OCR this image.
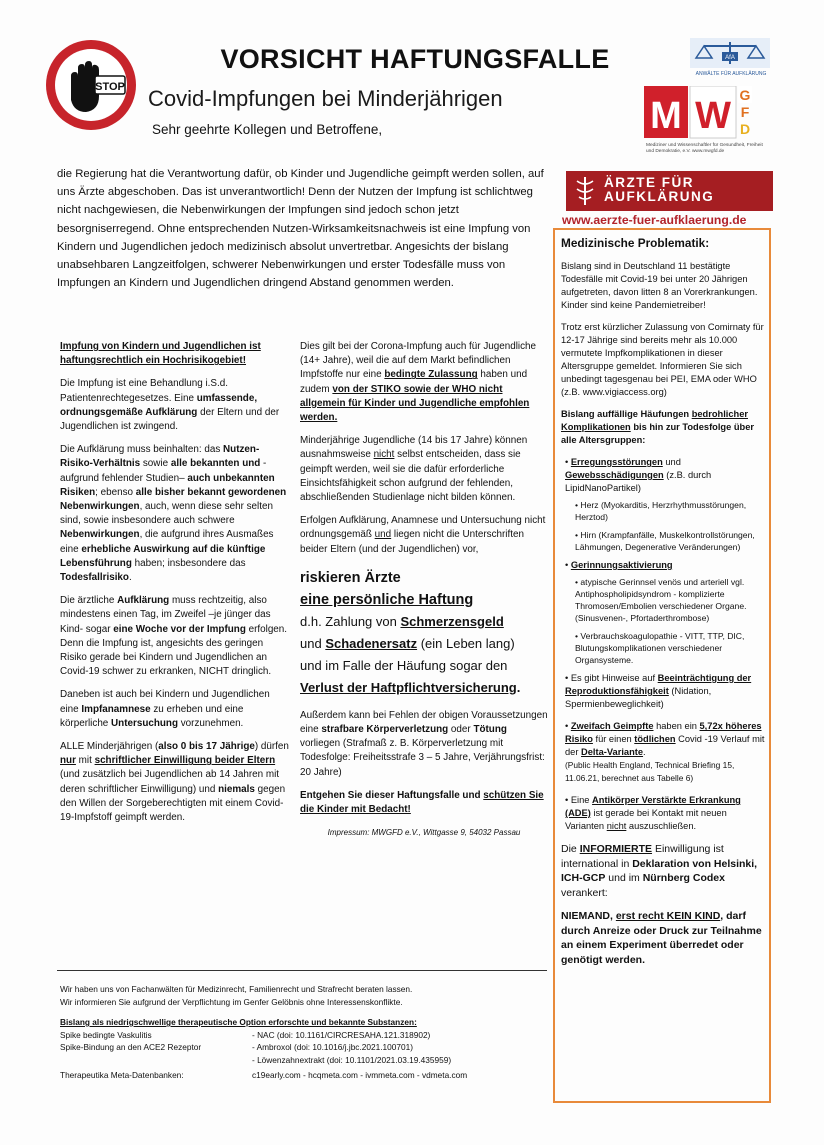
STOP
VORSICHT HAFTUNGSFALLE
Covid-Impfungen bei Minderjährigen
Sehr geehrte Kollegen und Betroffene,
AfA
ANWÄLTE FÜR AUFKLÄRUNG
M W G
F
D
Mediziner und Wissenschaftler für Gesundheit, Freiheit und Demokratie, e.V. www.mwgfd.de
ÄRZTE FÜR
AUFKLÄRUNG
www.aerzte-fuer-aufklaerung.de
die Regierung hat die Verantwortung dafür, ob Kinder und Jugendliche geimpft werden sollen, auf uns Ärzte abgeschoben. Das ist unverantwortlich! Denn der Nutzen der Impfung ist schlichtweg nicht nachgewiesen, die Nebenwirkungen der Impfungen sind jedoch schon jetzt besorgniserregend. Ohne entsprechenden Nutzen-Wirksamkeitsnachweis ist eine Impfung von Kindern und Jugendlichen jedoch medizinisch absolut unvertretbar. Angesichts der bislang unabsehbaren Langzeitfolgen, schwerer Nebenwirkungen und erster Todesfälle muss von Impfungen an Kindern und Jugendlichen dringend Abstand genommen werden.

Impfung von Kindern und Jugendlichen ist haftungsrechtlich ein Hochrisikogebiet!

Die Impfung ist eine Behandlung i.S.d. Patientenrechtegesetzes. Eine umfassende, ordnungsgemäße Aufklärung der Eltern und der Jugendlichen ist zwingend.

Die Aufklärung muss beinhalten: das Nutzen-Risiko-Verhältnis sowie alle bekannten und - aufgrund fehlender Studien– auch unbekannten Risiken; ebenso alle bisher bekannt gewordenen Nebenwirkungen, auch, wenn diese sehr selten sind, sowie insbesondere auch schwere Nebenwirkungen, die aufgrund ihres Ausmaßes eine erhebliche Auswirkung auf die künftige Lebensführung haben; insbesondere das Todesfallrisiko.

Die ärztliche Aufklärung muss rechtzeitig, also mindestens einen Tag, im Zweifel –je jünger das Kind- sogar eine Woche vor der Impfung erfolgen. Denn die Impfung ist, angesichts des geringen Risiko gerade bei Kindern und Jugendlichen an Covid-19 schwer zu erkranken, NICHT dringlich.

Daneben ist auch bei Kindern und Jugendlichen eine Impfanamnese zu erheben und eine körperliche Untersuchung vorzunehmen.

ALLE Minderjährigen (also 0 bis 17 Jährige) dürfen nur mit schriftlicher Einwilligung beider Eltern (und zusätzlich bei Jugendlichen ab 14 Jahren mit deren schriftlicher Einwilligung) und niemals gegen den Willen der Sorgeberechtigten mit einem Covid-19-Impfstoff geimpft werden.

Dies gilt bei der Corona-Impfung auch für Jugendliche (14+ Jahre), weil die auf dem Markt befindlichen Impfstoffe nur eine bedingte Zulassung haben und zudem von der STIKO sowie der WHO nicht allgemein für Kinder und Jugendliche empfohlen werden.

Minderjährige Jugendliche (14 bis 17 Jahre) können ausnahmsweise nicht selbst entscheiden, dass sie geimpft werden, weil sie die dafür erforderliche Einsichtsfähigkeit schon aufgrund der fehlenden, abschließenden Studienlage nicht bilden können.

Erfolgen Aufklärung, Anamnese und Untersuchung nicht ordnungsgemäß und liegen nicht die Unterschriften beider Eltern (und der Jugendlichen) vor,

riskieren Ärzte
eine persönliche Haftung
d.h. Zahlung von Schmerzensgeld
und Schadenersatz (ein Leben lang)
und im Falle der Häufung sogar den
Verlust der Haftpflichtversicherung.

Außerdem kann bei Fehlen der obigen Voraussetzungen eine strafbare Körperverletzung oder Tötung vorliegen (Strafmaß z. B. Körperverletzung mit Todesfolge: Freiheitsstrafe 3 – 5 Jahre, Verjährungsfrist: 20 Jahre)

Entgehen Sie dieser Haftungsfalle und schützen Sie die Kinder mit Bedacht!

Impressum: MWGFD e.V., Wittgasse 9, 54032 Passau
Wir haben uns von Fachanwälten für Medizinrecht, Familienrecht und Strafrecht beraten lassen.
Wir informieren Sie aufgrund der Verpflichtung im Genfer Gelöbnis ohne Interessenskonflikte.
Bislang als niedrigschwellige therapeutische Option erforschte und bekannte Substanzen:
Spike bedingte Vaskulitis	- NAC (doi: 10.1161/CIRCRESAHA.121.318902)
Spike-Bindung an den ACE2 Rezeptor	- Ambroxol (doi: 10.1016/j.jbc.2021.100701)
- Löwenzahnextrakt (doi: 10.1101/2021.03.19.435959)
Therapeutika Meta-Datenbanken:	c19early.com - hcqmeta.com - ivmmeta.com - vdmeta.com
Medizinische Problematik:

Bislang sind in Deutschland 11 bestätigte Todesfälle mit Covid-19 bei unter 20 Jährigen aufgetreten, davon litten 8 an Vorerkrankungen.
Kinder sind keine Pandemietreiber!

Trotz erst kürzlicher Zulassung von Comirnaty für 12-17 Jährige sind bereits mehr als 10.000 vermutete Impfkomplikationen in dieser Altersgruppe gemeldet. Informieren Sie sich unbedingt tagesgenau bei PEI, EMA oder WHO (z.B. www.vigiaccess.org)

Bislang auffällige Häufungen bedrohlicher Komplikationen bis hin zur Todesfolge über alle Altersgruppen:

• Erregungsstörungen und Gewebsschädigungen (z.B. durch LipidNanoPartikel)
• Herz (Myokarditis, Herzrhythmusstörungen, Herztod)
• Hirn (Krampfanfälle, Muskelkontrollstörungen, Lähmungen, Degenerative Veränderungen)
• Gerinnungsaktivierung
• atypische Gerinnsel venös und arteriell vgl. Antiphospholipidsyndrom - komplizierte Thromosen/Embolien verschiedener Organe. (Sinusvenen-, Pfortaderthrombose)
• Verbrauchskoagulopathie - VITT, TTP, DIC, Blutungskomplikationen verschiedener Organsysteme.

• Es gibt Hinweise auf Beeinträchtigung der Reproduktionsfähigkeit (Nidation, Spermienbeweglichkeit)

• Zweifach Geimpfte haben ein 5,72x höheres Risiko für einen tödlichen Covid -19 Verlauf mit der Delta-Variante.
(Public Health England, Technical Briefing 15, 11.06.21, berechnet aus Tabelle 6)

• Eine Antikörper Verstärkte Erkrankung (ADE) ist gerade bei Kontakt mit neuen Varianten nicht auszuschließen.

Die INFORMIERTE Einwilligung ist international in Deklaration von Helsinki, ICH-GCP und im Nürnberg Codex verankert:

NIEMAND, erst recht KEIN KIND, darf durch Anreize oder Druck zur Teilnahme an einem Experiment überredet oder genötigt werden.
